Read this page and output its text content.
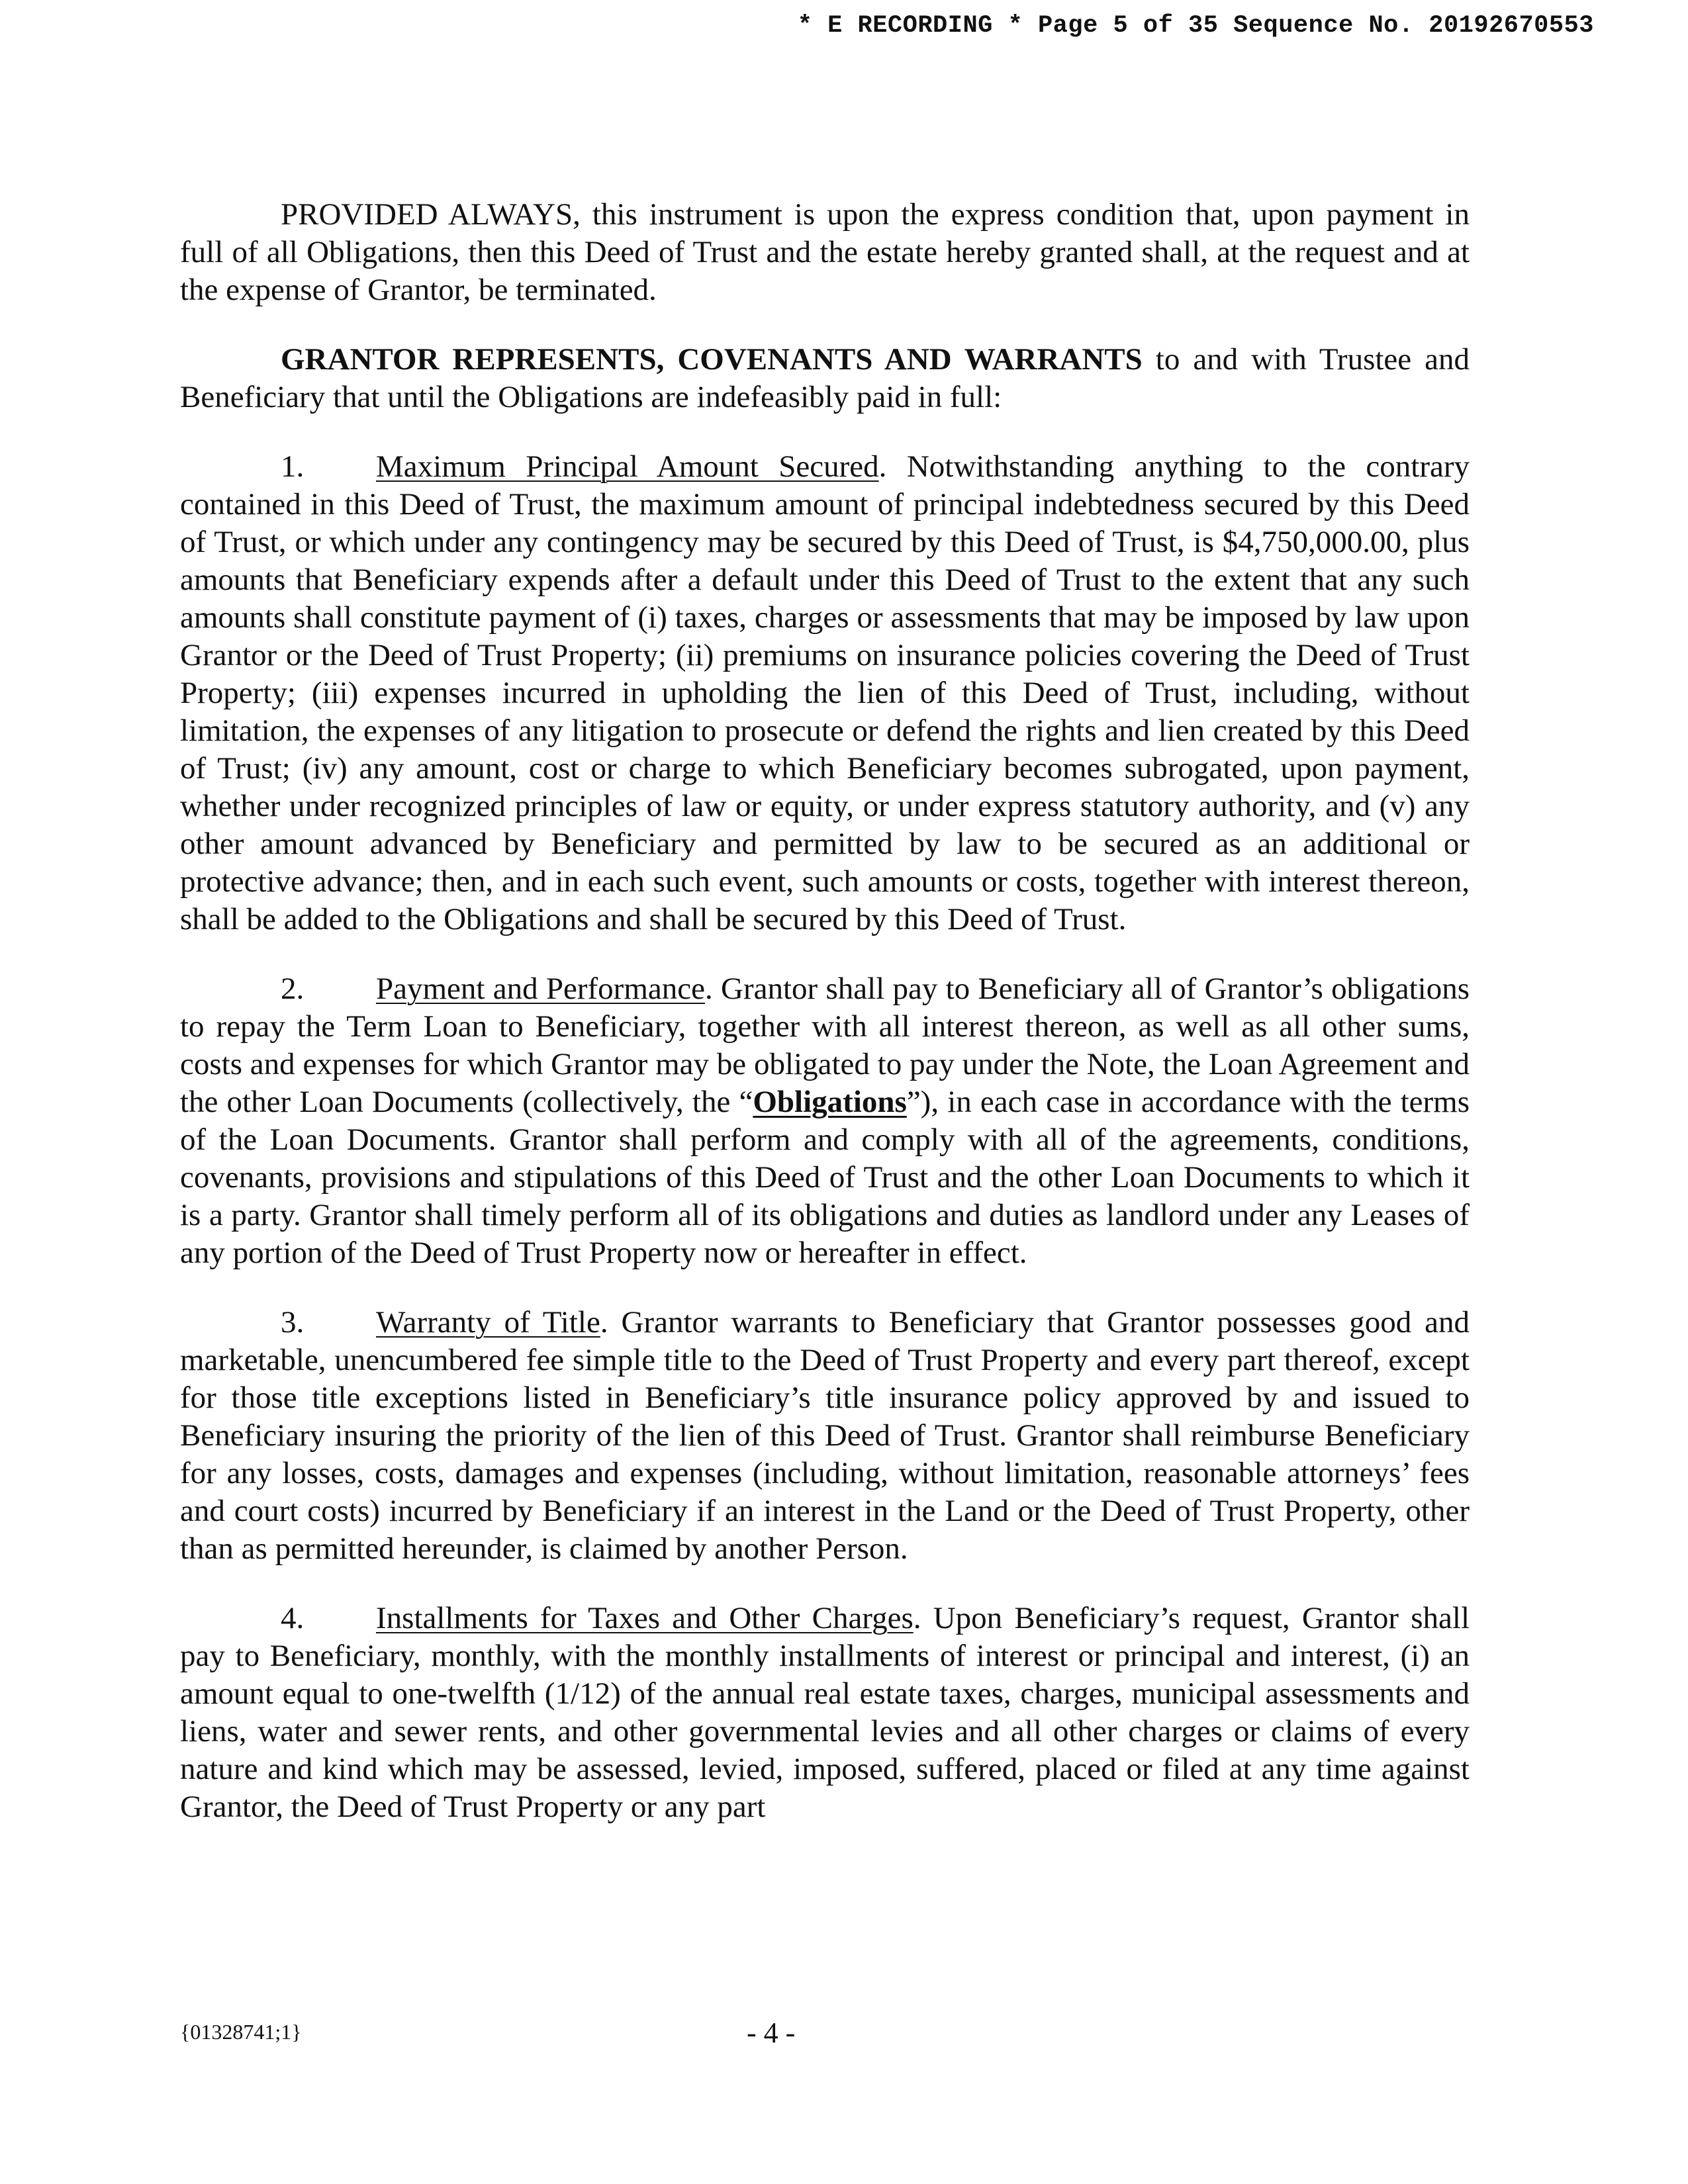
* E RECORDING * Page 5 of 35 Sequence No. 20192670553

PROVIDED ALWAYS, this instrument is upon the express condition that, upon payment in full of all Obligations, then this Deed of Trust and the estate hereby granted shall, at the request and at the expense of Grantor, be terminated.

GRANTOR REPRESENTS, COVENANTS AND WARRANTS to and with Trustee and Beneficiary that until the Obligations are indefeasibly paid in full:

1. Maximum Principal Amount Secured. Notwithstanding anything to the contrary contained in this Deed of Trust, the maximum amount of principal indebtedness secured by this Deed of Trust, or which under any contingency may be secured by this Deed of Trust, is $4,750,000.00, plus amounts that Beneficiary expends after a default under this Deed of Trust to the extent that any such amounts shall constitute payment of (i) taxes, charges or assessments that may be imposed by law upon Grantor or the Deed of Trust Property; (ii) premiums on insurance policies covering the Deed of Trust Property; (iii) expenses incurred in upholding the lien of this Deed of Trust, including, without limitation, the expenses of any litigation to prosecute or defend the rights and lien created by this Deed of Trust; (iv) any amount, cost or charge to which Beneficiary becomes subrogated, upon payment, whether under recognized principles of law or equity, or under express statutory authority, and (v) any other amount advanced by Beneficiary and permitted by law to be secured as an additional or protective advance; then, and in each such event, such amounts or costs, together with interest thereon, shall be added to the Obligations and shall be secured by this Deed of Trust.

2. Payment and Performance. Grantor shall pay to Beneficiary all of Grantor’s obligations to repay the Term Loan to Beneficiary, together with all interest thereon, as well as all other sums, costs and expenses for which Grantor may be obligated to pay under the Note, the Loan Agreement and the other Loan Documents (collectively, the “Obligations”), in each case in accordance with the terms of the Loan Documents. Grantor shall perform and comply with all of the agreements, conditions, covenants, provisions and stipulations of this Deed of Trust and the other Loan Documents to which it is a party. Grantor shall timely perform all of its obligations and duties as landlord under any Leases of any portion of the Deed of Trust Property now or hereafter in effect.

3. Warranty of Title. Grantor warrants to Beneficiary that Grantor possesses good and marketable, unencumbered fee simple title to the Deed of Trust Property and every part thereof, except for those title exceptions listed in Beneficiary’s title insurance policy approved by and issued to Beneficiary insuring the priority of the lien of this Deed of Trust. Grantor shall reimburse Beneficiary for any losses, costs, damages and expenses (including, without limitation, reasonable attorneys’ fees and court costs) incurred by Beneficiary if an interest in the Land or the Deed of Trust Property, other than as permitted hereunder, is claimed by another Person.

4. Installments for Taxes and Other Charges. Upon Beneficiary’s request, Grantor shall pay to Beneficiary, monthly, with the monthly installments of interest or principal and interest, (i) an amount equal to one-twelfth (1/12) of the annual real estate taxes, charges, municipal assessments and liens, water and sewer rents, and other governmental levies and all other charges or claims of every nature and kind which may be assessed, levied, imposed, suffered, placed or filed at any time against Grantor, the Deed of Trust Property or any part

{01328741;1}	- 4 -
